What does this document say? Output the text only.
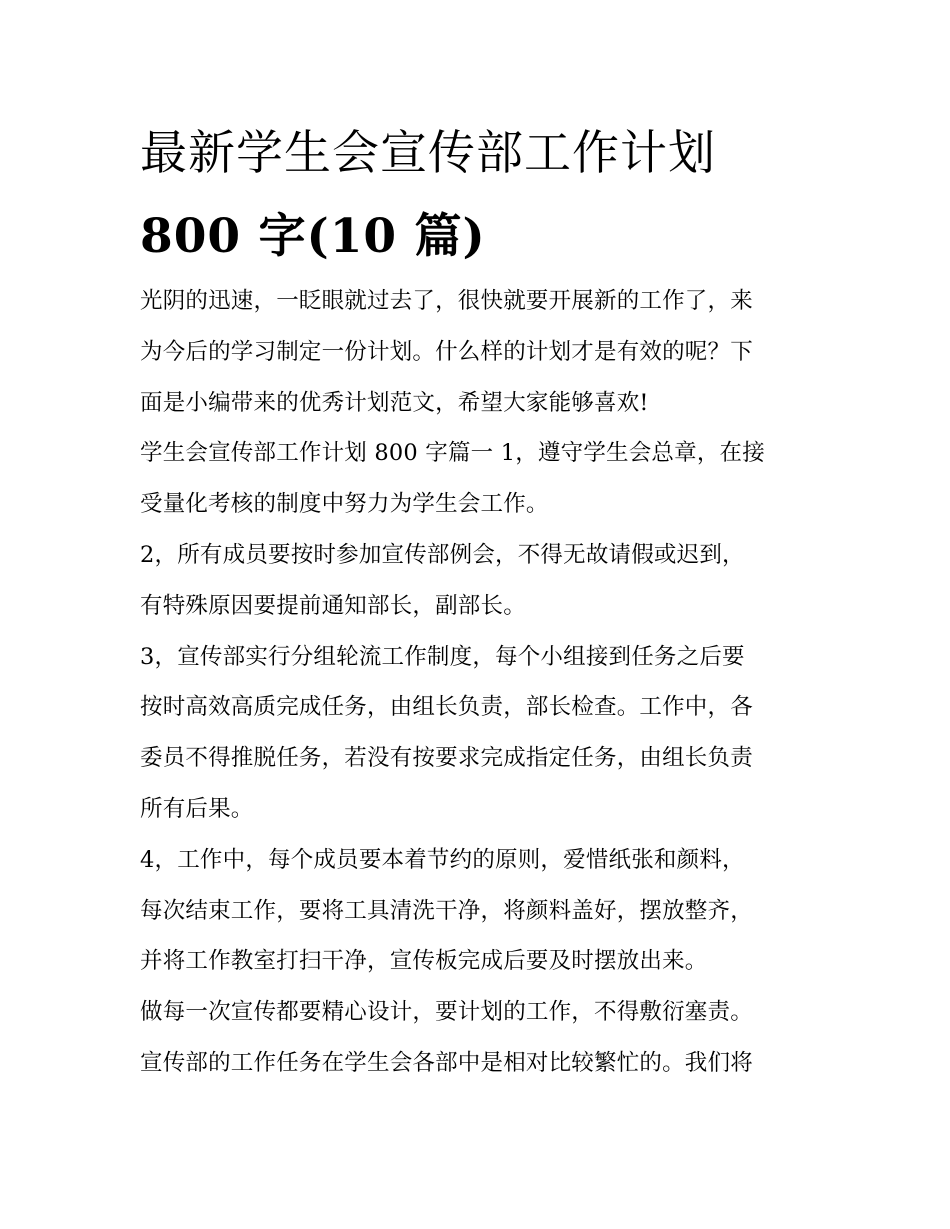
最新学生会宣传部工作计划
800 字(10 篇)

光阴的迅速，一眨眼就过去了，很快就要开展新的工作了，来

为今后的学习制定一份计划。什么样的计划才是有效的呢？下

面是小编带来的优秀计划范文，希望大家能够喜欢!

学生会宣传部工作计划 800 字篇一 1，遵守学生会总章，在接

受量化考核的制度中努力为学生会工作。

2，所有成员要按时参加宣传部例会，不得无故请假或迟到，

有特殊原因要提前通知部长，副部长。

3，宣传部实行分组轮流工作制度，每个小组接到任务之后要

按时高效高质完成任务，由组长负责，部长检查。工作中，各

委员不得推脱任务，若没有按要求完成指定任务，由组长负责

所有后果。

4，工作中，每个成员要本着节约的原则，爱惜纸张和颜料，

每次结束工作，要将工具清洗干净，将颜料盖好，摆放整齐，

并将工作教室打扫干净，宣传板完成后要及时摆放出来。

做每一次宣传都要精心设计，要计划的工作，不得敷衍塞责。

宣传部的工作任务在学生会各部中是相对比较繁忙的。我们将
